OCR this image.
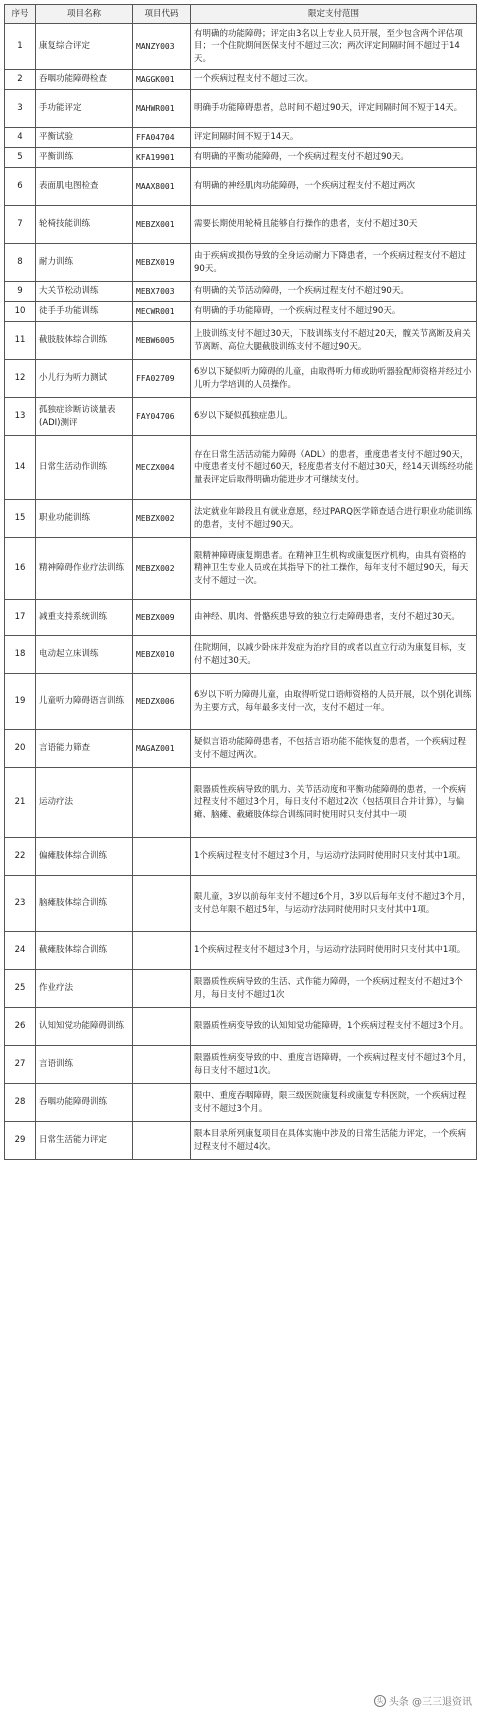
序号	项目名称	项目代码	限定支付范围
1	康复综合评定	MANZY003	有明确的功能障碍；评定由3名以上专业人员开展，至少包含两个评估项目；一个住院期间医保支付不超过三次；两次评定间隔时间不超过于14天。
2	吞咽功能障碍检查	MAGGK001	一个疾病过程支付不超过三次。
3	手功能评定	MAHWR001	明确手功能障碍患者，总时间不超过90天，评定间隔时间不短于14天。
4	平衡试验	FFA04704	评定间隔时间不短于14天。
5	平衡训练	KFA19901	有明确的平衡功能障碍，一个疾病过程支付不超过90天。
6	表面肌电图检查	MAAX8001	有明确的神经肌肉功能障碍，一个疾病过程支付不超过两次
7	轮椅技能训练	MEBZX001	需要长期使用轮椅且能够自行操作的患者，支付不超过30天
8	耐力训练	MEBZX019	由于疾病或损伤导致的全身运动耐力下降患者，一个疾病过程支付不超过90天。
9	大关节松动训练	MEBX7003	有明确的关节活动障碍，一个疾病过程支付不超过90天。
10	徒手手功能训练	MECWR001	有明确的手功能障碍，一个疾病过程支付不超过90天。
11	截肢肢体综合训练	MEBW6005	上肢训练支付不超过30天，下肢训练支付不超过20天，髋关节离断及肩关节离断、高位大腿截肢训练支付不超过90天。
12	小儿行为听力测试	FFA02709	6岁以下疑似听力障碍的儿童，由取得听力师或助听器验配师资格并经过小儿听力学培训的人员操作。
13	孤独症诊断访谈量表(ADI)测评	FAY04706	6岁以下疑似孤独症患儿。
14	日常生活动作训练	MECZX004	存在日常生活活动能力障碍（ADL）的患者，重度患者支付不超过90天，中度患者支付不超过60天，轻度患者支付不超过30天，经14天训练经功能量表评定后取得明确功能进步才可继续支付。
15	职业功能训练	MEBZX002	法定就业年龄段且有就业意愿，经过PARQ医学筛查适合进行职业功能训练的患者，支付不超过90天。
16	精神障碍作业疗法训练	MEBZX002	限精神障碍康复期患者。在精神卫生机构或康复医疗机构，由具有资格的精神卫生专业人员或在其指导下的社工操作，每年支付不超过90天，每天支付不超过一次。
17	减重支持系统训练	MEBZX009	由神经、肌肉、骨骼疾患导致的独立行走障碍患者，支付不超过30天。
18	电动起立床训练	MEBZX010	住院期间，以减少卧床并发症为治疗目的或者以直立行动为康复目标，支付不超过30天。
19	儿童听力障碍语言训练	MEDZX006	6岁以下听力障碍儿童，由取得听觉口语师资格的人员开展，以个别化训练为主要方式，每年最多支付一次，支付不超过一年。
20	言语能力筛查	MAGAZ001	疑似言语功能障碍患者，不包括言语功能不能恢复的患者，一个疾病过程支付不超过两次。
21	运动疗法		限器质性疾病导致的肌力、关节活动度和平衡功能障碍的患者，一个疾病过程支付不超过3个月，每日支付不超过2次（包括项目合并计算），与偏瘫、脑瘫、截瘫肢体综合训练同时使用时只支付其中一项
22	偏瘫肢体综合训练		1个疾病过程支付不超过3个月，与运动疗法同时使用时只支付其中1项。
23	脑瘫肢体综合训练		限儿童，3岁以前每年支付不超过6个月，3岁以后每年支付不超过3个月，支付总年限不超过5年，与运动疗法同时使用时只支付其中1项。
24	截瘫肢体综合训练		1个疾病过程支付不超过3个月，与运动疗法同时使用时只支付其中1项。
25	作业疗法		限器质性疾病导致的生活、式作能力障碍，一个疾病过程支付不超过3个月，每日支付不超过1次
26	认知知觉功能障碍训练		限器质性病变导致的认知知觉功能障碍，1个疾病过程支付不超过3个月。
27	言语训练		限器质性病变导致的中、重度言语障碍，一个疾病过程支付不超过3个月，每日支付不超过1次。
28	吞咽功能障碍训练		限中、重度吞咽障碍，限三级医院康复科或康复专科医院，一个疾病过程支付不超过3个月。
29	日常生活能力评定		限本目录所列康复项目在具体实施中涉及的日常生活能力评定，一个疾病过程支付不超过4次。
头 头条 @三三退资讯
